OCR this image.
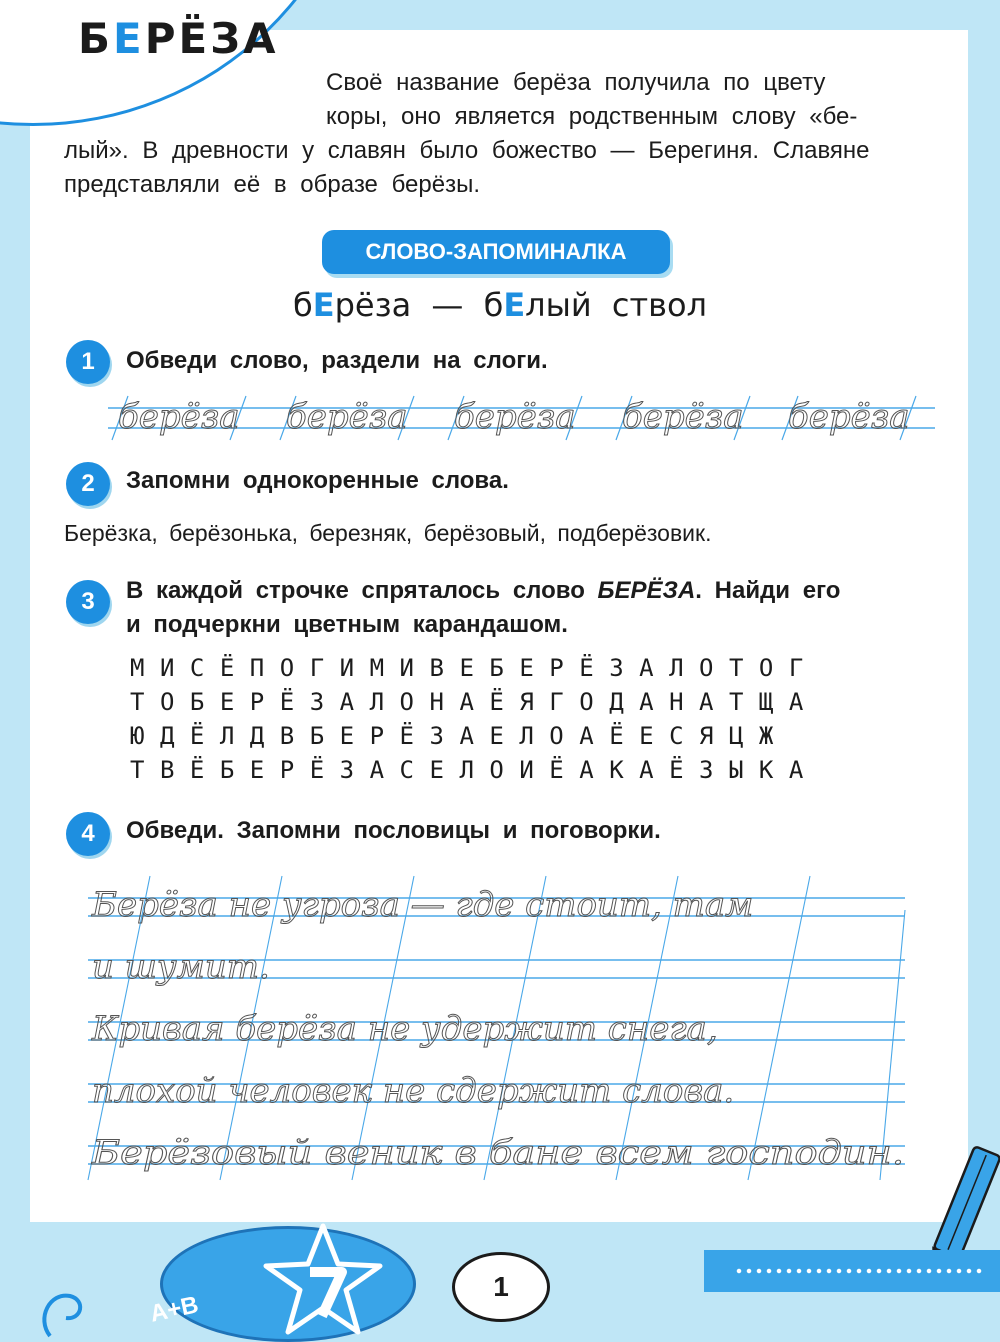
БЕРЁЗА

Своё название берёза получила по цвету

коры, оно является родственным слову «бе-

лый». В древности у славян было божество — Берегиня. Славяне

представляли её в образе берёзы.

СЛОВО-ЗАПОМИНАЛКА
бЕрёза — бЕлый ствол
1	Обведи слово, раздели на слоги.

берёза берёза берёза берёза берёза
2	Запомни однокоренные слова.

Берёзка, берёзонька, березняк, берёзовый, подберёзовик.

3	В каждой строчке спряталось слово БЕРЁЗА. Найди его

и подчеркни цветным карандашом.

МИСЁПОГИМИВЕБЕРЁЗАЛОТОГ

ТОБЕРЁЗАЛОНАЁЯГОДАНАТЩА

ЮДЁЛДВБЕРЁЗАЕЛОАЁЕСЯЦЖ

ТВЁБЕРЁЗАСЕЛОИЁАКАЁЗЫКА

4	Обведи. Запомни пословицы и поговорки.

Берёза не угроза — где стоит, там
и шумит.
Кривая берёза не удержит снега,
плохой человек не сдержит слова.
Берёзовый веник в бане всем господин.
A+B
1
